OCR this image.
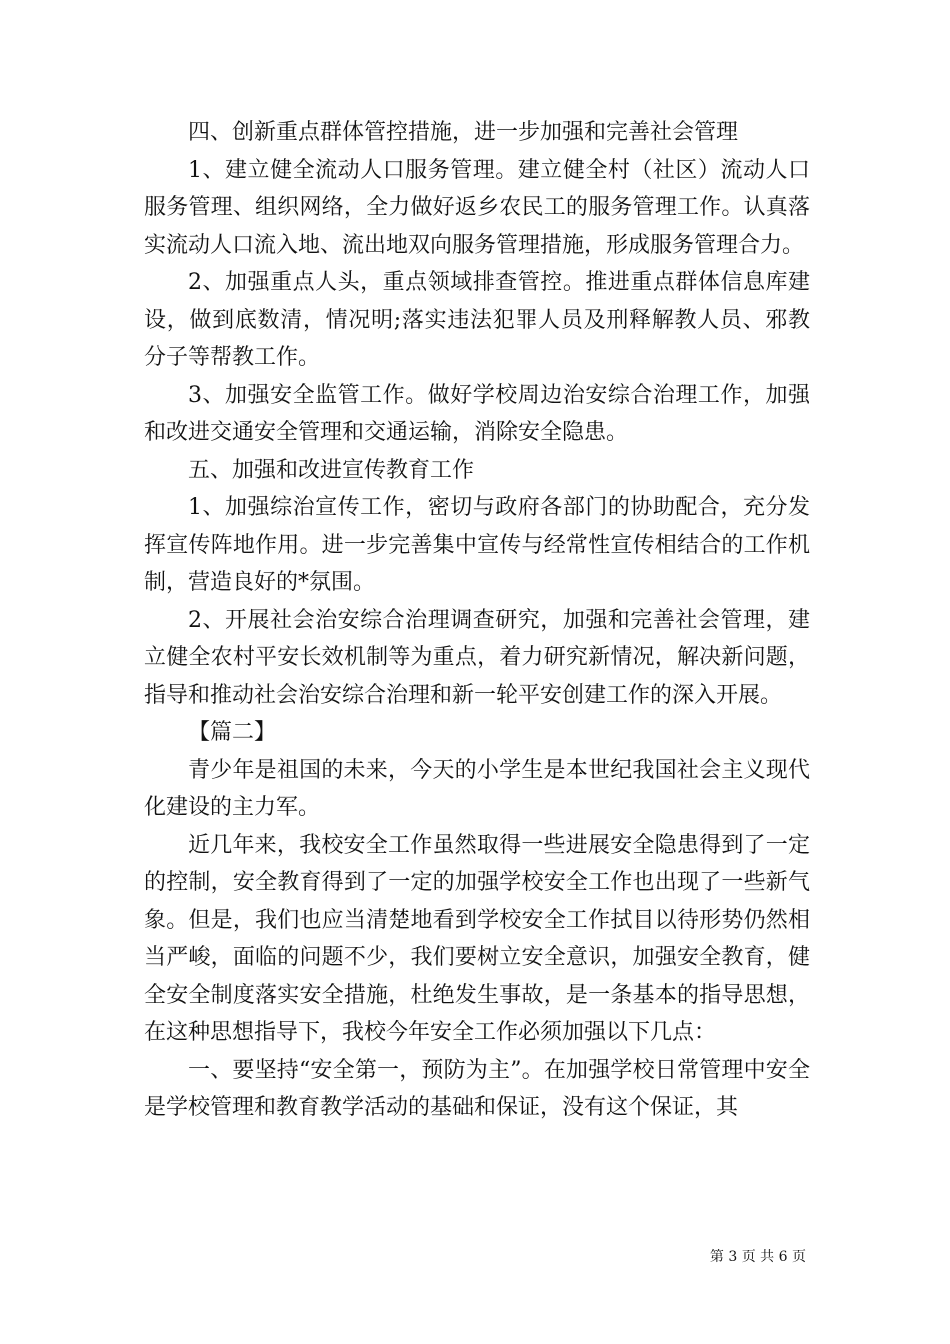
四、创新重点群体管控措施，进一步加强和完善社会管理

1、建立健全流动人口服务管理。建立健全村（社区）流动人口服务管理、组织网络，全力做好返乡农民工的服务管理工作。认真落实流动人口流入地、流出地双向服务管理措施，形成服务管理合力。

2、加强重点人头，重点领域排查管控。推进重点群体信息库建设，做到底数清，情况明;落实违法犯罪人员及刑释解教人员、邪教分子等帮教工作。

3、加强安全监管工作。做好学校周边治安综合治理工作，加强和改进交通安全管理和交通运输，消除安全隐患。

五、加强和改进宣传教育工作

1、加强综治宣传工作，密切与政府各部门的协助配合，充分发挥宣传阵地作用。进一步完善集中宣传与经常性宣传相结合的工作机制，营造良好的*氛围。

2、开展社会治安综合治理调查研究，加强和完善社会管理，建立健全农村平安长效机制等为重点，着力研究新情况，解决新问题，指导和推动社会治安综合治理和新一轮平安创建工作的深入开展。

【篇二】

青少年是祖国的未来，今天的小学生是本世纪我国社会主义现代化建设的主力军。

近几年来，我校安全工作虽然取得一些进展安全隐患得到了一定的控制，安全教育得到了一定的加强学校安全工作也出现了一些新气象。但是，我们也应当清楚地看到学校安全工作拭目以待形势仍然相当严峻，面临的问题不少，我们要树立安全意识，加强安全教育，健全安全制度落实安全措施，杜绝发生事故，是一条基本的指导思想，在这种思想指导下，我校今年安全工作必须加强以下几点：

一、要坚持“安全第一，预防为主”。在加强学校日常管理中安全是学校管理和教育教学活动的基础和保证，没有这个保证，其

第 3 页 共 6 页
